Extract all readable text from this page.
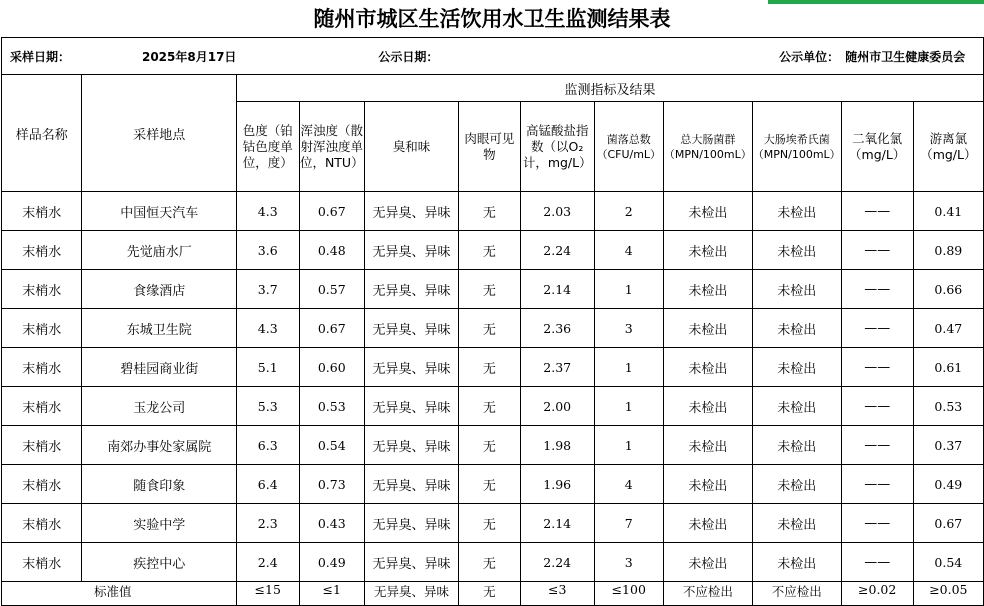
随州市城区生活饮用水卫生监测结果表
采样日期：	2025年8月17日		公示日期：					公示单位：		随州市卫生健康委员会	
样品名称	采样地点	监测指标及结果									
		色度（铂钴色度单位，度）	浑浊度（散射浑浊度单位，NTU）	臭和味	肉眼可见物	高锰酸盐指数（以O₂计，mg/L）	菌落总数（CFU/mL）	总大肠菌群（MPN/100mL）	大肠埃希氏菌（MPN/100mL）	二氧化氯（mg/L）	游离氯（mg/L）
末梢水	中国恒天汽车	4.3	0.67	无异臭、异味	无	2.03	2	未检出	未检出	——	0.41
末梢水	先觉庙水厂	3.6	0.48	无异臭、异味	无	2.24	4	未检出	未检出	——	0.89
末梢水	食缘酒店	3.7	0.57	无异臭、异味	无	2.14	1	未检出	未检出	——	0.66
末梢水	东城卫生院	4.3	0.67	无异臭、异味	无	2.36	3	未检出	未检出	——	0.47
末梢水	碧桂园商业街	5.1	0.60	无异臭、异味	无	2.37	1	未检出	未检出	——	0.61
末梢水	玉龙公司	5.3	0.53	无异臭、异味	无	2.00	1	未检出	未检出	——	0.53
末梢水	南郊办事处家属院	6.3	0.54	无异臭、异味	无	1.98	1	未检出	未检出	——	0.37
末梢水	随食印象	6.4	0.73	无异臭、异味	无	1.96	4	未检出	未检出	——	0.49
末梢水	实验中学	2.3	0.43	无异臭、异味	无	2.14	7	未检出	未检出	——	0.67
末梢水	疾控中心	2.4	0.49	无异臭、异味	无	2.24	3	未检出	未检出	——	0.54
标准值		≤15	≤1	无异臭、异味	无	≤3	≤100	不应检出	不应检出	≥0.02	≥0.05
